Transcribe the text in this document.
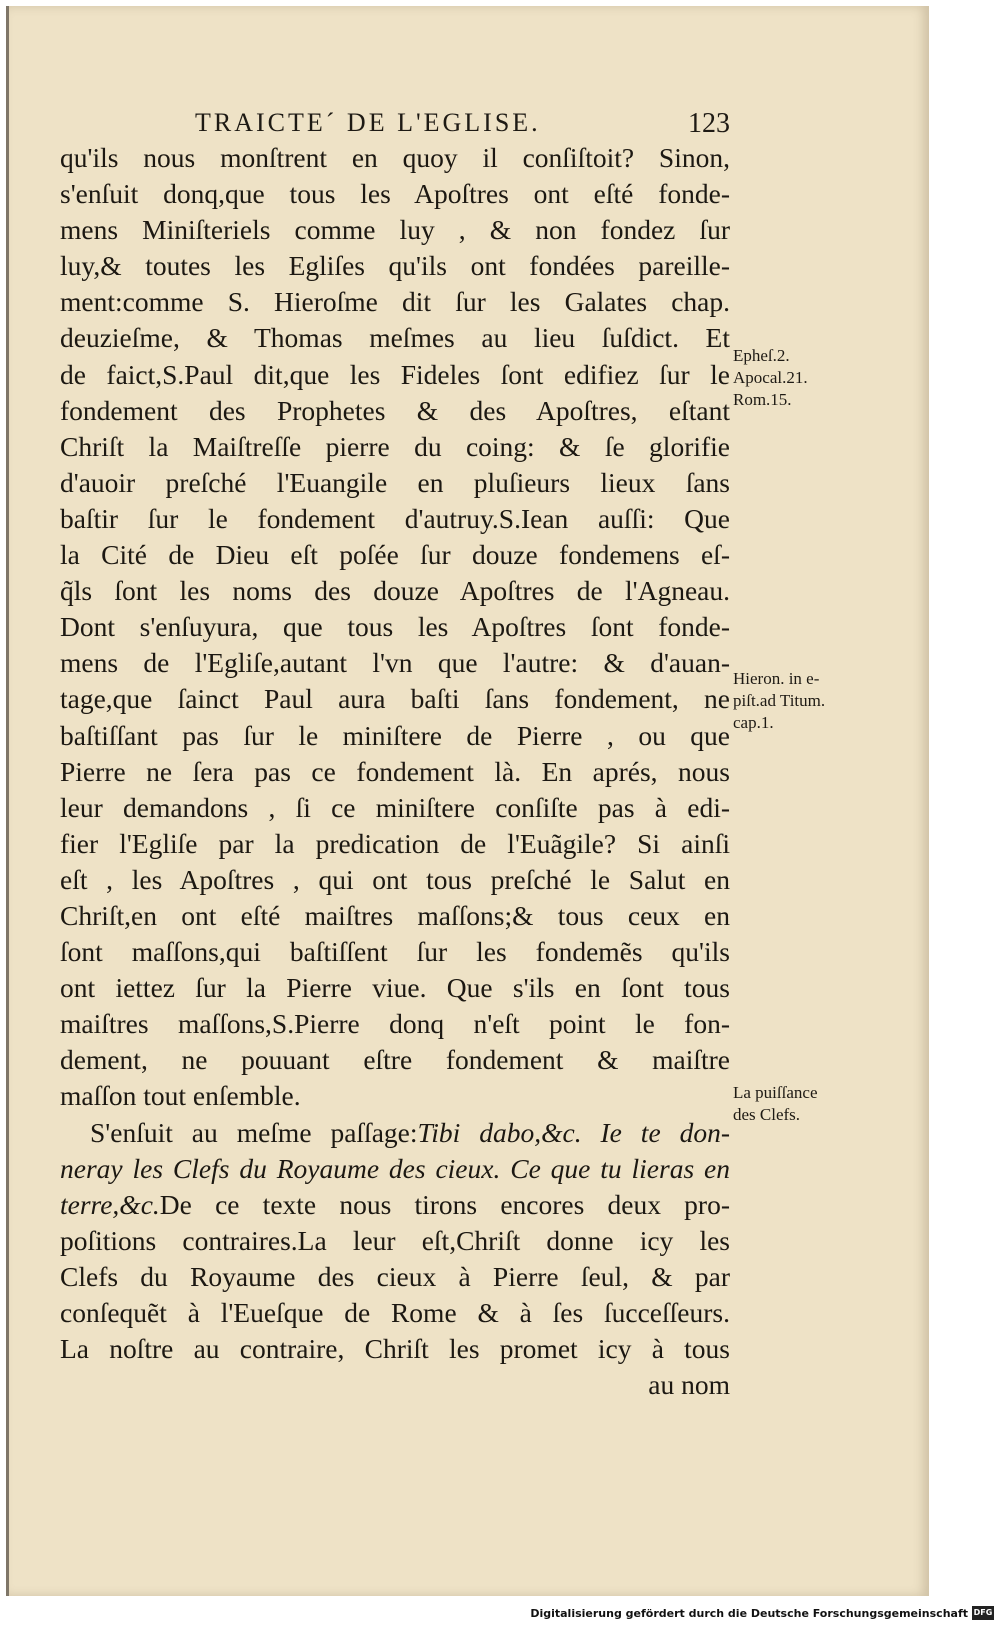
TRAICTE´ DE L'EGLISE.	123
qu'ils nous monſtrent en quoy il conſiſtoit? Sinon,
s'enſuit donq,que tous les Apoſtres ont eſté fonde-
mens Miniſteriels comme luy , & non fondez ſur
luy,& toutes les Egliſes qu'ils ont fondées pareille-
ment:comme S. Hieroſme dit ſur les Galates chap.
deuzieſme, & Thomas meſmes au lieu ſuſdict. Et
de faict,S.Paul dit,que les Fideles ſont edifiez ſur le
fondement des Prophetes & des Apoſtres, eſtant
Chriſt la Maiſtreſſe pierre du coing: & ſe glorifie
d'auoir preſché l'Euangile en pluſieurs lieux ſans
baſtir ſur le fondement d'autruy.S.Iean auſſi: Que
la Cité de Dieu eſt poſée ſur douze fondemens eſ-
q̃ls ſont les noms des douze Apoſtres de l'Agneau.
Dont s'enſuyura, que tous les Apoſtres ſont fonde-
mens de l'Egliſe,autant l'vn que l'autre: & d'auan-
tage,que ſainct Paul aura baſti ſans fondement, ne
baſtiſſant pas ſur le miniſtere de Pierre , ou que
Pierre ne ſera pas ce fondement là. En aprés, nous
leur demandons , ſi ce miniſtere conſiſte pas à edi-
fier l'Egliſe par la predication de l'Euãgile? Si ainſi
eſt , les Apoſtres , qui ont tous preſché le Salut en
Chriſt,en ont eſté maiſtres maſſons;& tous ceux en
ſont maſſons,qui baſtiſſent ſur les fondemẽs qu'ils
ont iettez ſur la Pierre viue. Que s'ils en ſont tous
maiſtres maſſons,S.Pierre donq n'eſt point le fon-
dement, ne pouuant eſtre fondement & maiſtre
maſſon tout enſemble.
S'enſuit au meſme paſſage:Tibi dabo,&c. Ie te don-
neray les Clefs du Royaume des cieux. Ce que tu lieras en
terre,&c.De ce texte nous tirons encores deux pro-
poſitions contraires.La leur eſt,Chriſt donne icy les
Clefs du Royaume des cieux à Pierre ſeul, & par
conſequẽt à l'Eueſque de Rome & à ſes ſucceſſeurs.
La noſtre au contraire, Chriſt les promet icy à tous
au nom
Epheſ.2.
Apocal.21.
Rom.15.
Hieron. in e-
piſt.ad Titum.
cap.1.
La puiſſance
des Clefs.
Digitalisierung gefördert durch die Deutsche Forschungsgemeinschaft DFG
